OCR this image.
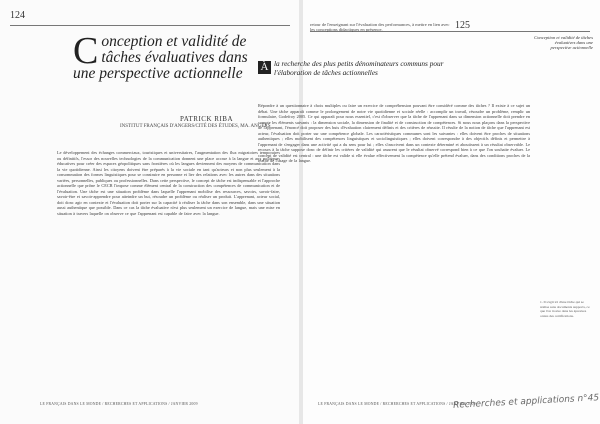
124
Conception et validité de tâches évaluatives dans une perspective actionnelle
PATRICK RIBA
INSTITUT FRANÇAIS D'ANGERS/CITÉ DES ÉTUDES, MA. ANGERS
Le développement des échanges commerciaux, touristiques et universitaires, l'augmentation des flux migratoires temporaires ou définitifs, l'essor des nouvelles technologies de la communication donnent une place accrue à la langue et aux politiques éducatives pour créer des espaces géopolitiques sans frontières où les langues deviennent des moyens de communication dans la vie quotidienne. Ainsi les citoyens doivent être préparés à la vie sociale en tant qu'acteurs et non plus seulement à la consommation des formes linguistiques pour se construire en personne et lier des relations avec les autres dans des situations variées, personnelles, publiques ou professionnelles. Dans cette perspective, le concept de tâche est indispensable et l'approche actionnelle que prône le CECR l'impose comme élément central de la construction des compétences de communication et de l'évaluation. Une tâche est une situation problème dans laquelle l'apprenant mobilise des ressources, savoirs, savoir-faire, savoir-être et savoir-apprendre pour atteindre un but, résoudre un problème ou réaliser un produit. L'apprenant, acteur social, doit donc agir en contexte et l'évaluation doit porter sur la capacité à réaliser la tâche dans son ensemble, dans une situation aussi authentique que possible. Dans ce cas la tâche évaluative n'est plus seulement un exercice de langue, mais une mise en situation à travers laquelle on observe ce que l'apprenant est capable de faire avec la langue.
LE FRANÇAIS DANS LE MONDE / RECHERCHES ET APPLICATIONS / JANVIER 2009
125
retour de l'enseignant sur l'évaluation des performances, à mettre en lien avec les conceptions didactiques en présence.
Conception et validité de tâches évaluatives dans une perspective actionnelle
À la recherche des plus petits dénominateurs communs pour l'élaboration de tâches actionnelles
Répondre à un questionnaire à choix multiples ou faire un exercice de compréhension pouvant être considéré comme des tâches ? Il existe à ce sujet un débat. Une tâche apparaît comme le prolongement de notre vie quotidienne et sociale réelle : accomplir un travail, résoudre un problème, remplir un formulaire, Godefroy 2005. Ce qui apparaît pour nous essentiel, c'est d'observer que la tâche de l'apprenant dans sa dimension actionnelle doit prendre en compte les éléments suivants : la dimension sociale, la dimension de finalité et de construction de compétences. Si nous nous plaçons dans la perspective de l'apprenant, l'énoncé doit proposer des buts d'évaluation clairement définis et des critères de réussite. Il résulte de la notion de tâche que l'apprenant est acteur, l'évaluation doit porter sur une compétence globale. Les caractéristiques communes sont les suivantes : elles doivent être proches de situations authentiques ; elles mobilisent des compétences linguistiques et sociolinguistiques ; elles doivent correspondre à des objectifs définis et permettre à l'apprenant de s'engager dans une activité qui a du sens pour lui ; elles s'inscrivent dans un contexte déterminé et aboutissent à un résultat observable. Le recours à la tâche suppose donc de définir les critères de validité qui assurent que le résultat observé correspond bien à ce que l'on souhaite évaluer. Le concept de validité est central : une tâche est valide si elle évalue effectivement la compétence qu'elle prétend évaluer, dans des conditions proches de la réalité de l'usage de la langue.
1. Il s'agit ici d'une tâche qui se réalise sans documents supports, ce que l'on trouve dans les épreuves orales des certifications.
LE FRANÇAIS DANS LE MONDE / RECHERCHES ET APPLICATIONS / JANVIER 2009
Recherches et applications n°45
